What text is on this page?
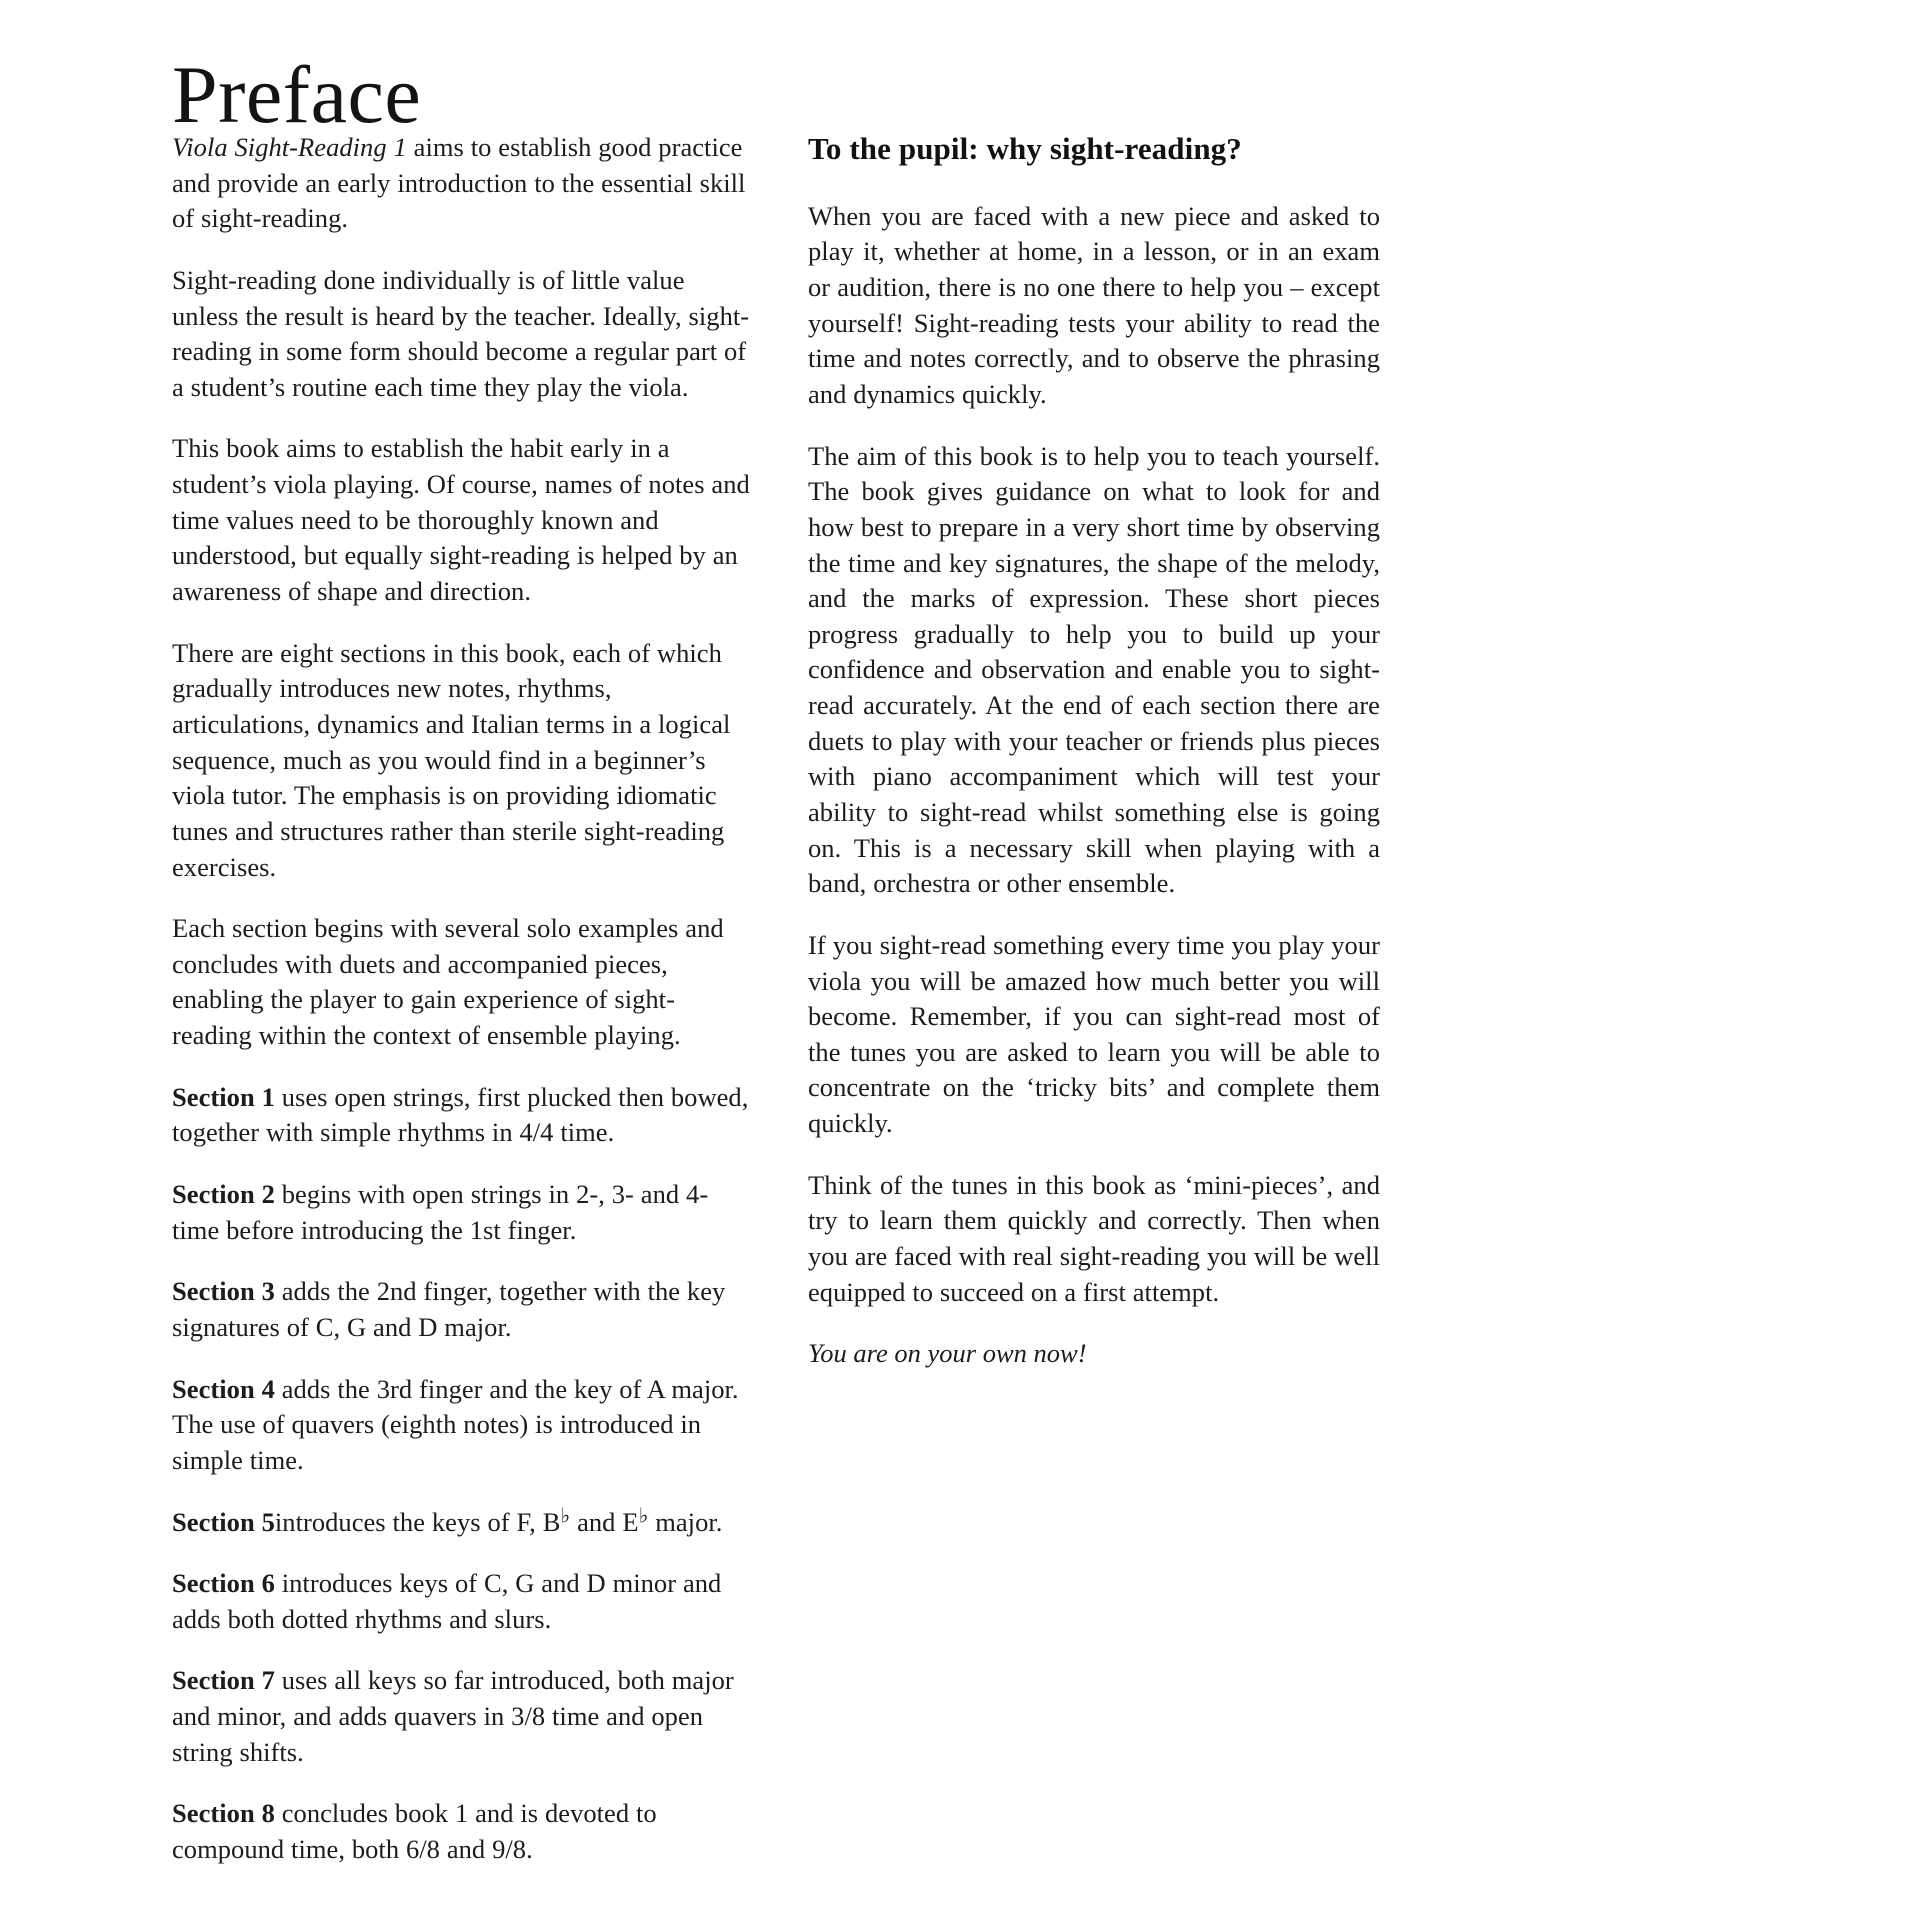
Preface

Viola Sight-Reading 1 aims to establish good practice and provide an early introduction to the essential skill of sight-reading.

Sight-reading done individually is of little value unless the result is heard by the teacher. Ideally, sight-reading in some form should become a regular part of a student’s routine each time they play the viola.

This book aims to establish the habit early in a student’s viola playing. Of course, names of notes and time values need to be thoroughly known and understood, but equally sight-reading is helped by an awareness of shape and direction.

There are eight sections in this book, each of which gradually introduces new notes, rhythms, articulations, dynamics and Italian terms in a logical sequence, much as you would find in a beginner’s viola tutor. The emphasis is on providing idiomatic tunes and structures rather than sterile sight-reading exercises.

Each section begins with several solo examples and concludes with duets and accompanied pieces, enabling the player to gain experience of sight-reading within the context of ensemble playing.

Section 1 uses open strings, first plucked then bowed, together with simple rhythms in 4/4 time.

Section 2 begins with open strings in 2-, 3- and 4-time before introducing the 1st finger.

Section 3 adds the 2nd finger, together with the key signatures of C, G and D major.

Section 4 adds the 3rd finger and the key of A major. The use of quavers (eighth notes) is introduced in simple time.

Section 5introduces the keys of F, B♭ and E♭ major.

Section 6 introduces keys of C, G and D minor and adds both dotted rhythms and slurs.

Section 7 uses all keys so far introduced, both major and minor, and adds quavers in 3/8 time and open string shifts.

Section 8 concludes book 1 and is devoted to compound time, both 6/8 and 9/8.

To the pupil: why sight-reading?

When you are faced with a new piece and asked to play it, whether at home, in a lesson, or in an exam or audition, there is no one there to help you – except yourself! Sight-reading tests your ability to read the time and notes correctly, and to observe the phrasing and dynamics quickly.

The aim of this book is to help you to teach yourself. The book gives guidance on what to look for and how best to prepare in a very short time by observing the time and key signatures, the shape of the melody, and the marks of expression. These short pieces progress gradually to help you to build up your confidence and observation and enable you to sight-read accurately. At the end of each section there are duets to play with your teacher or friends plus pieces with piano accompaniment which will test your ability to sight-read whilst something else is going on. This is a necessary skill when playing with a band, orchestra or other ensemble.

If you sight-read something every time you play your viola you will be amazed how much better you will become. Remember, if you can sight-read most of the tunes you are asked to learn you will be able to concentrate on the ‘tricky bits’ and complete them quickly.

Think of the tunes in this book as ‘mini-pieces’, and try to learn them quickly and correctly. Then when you are faced with real sight-reading you will be well equipped to succeed on a first attempt.

You are on your own now!
